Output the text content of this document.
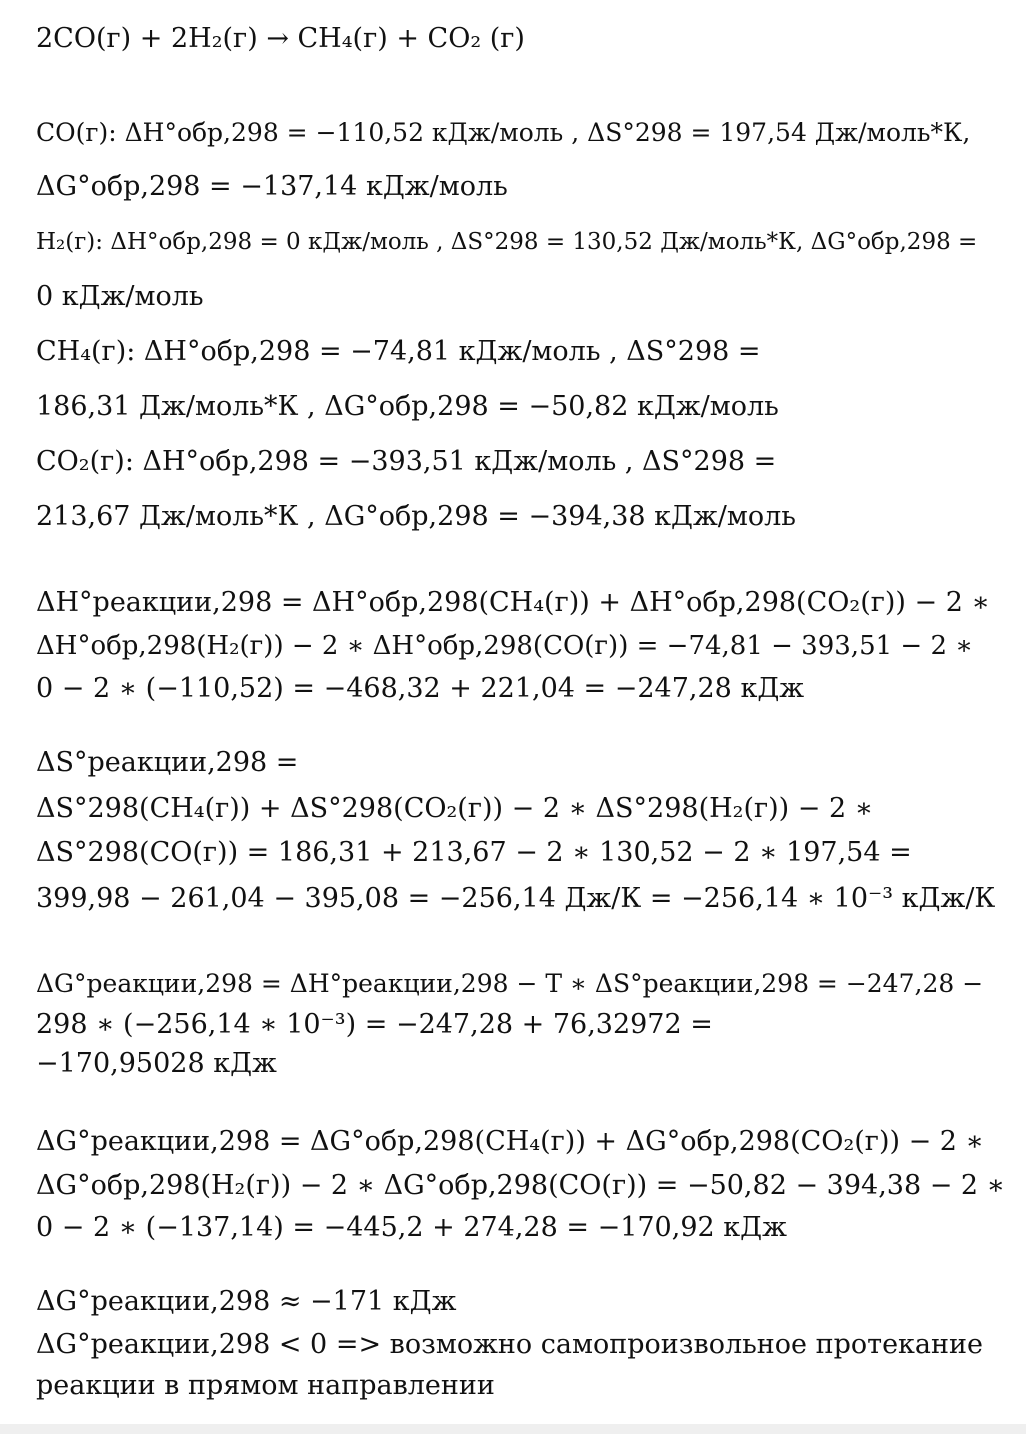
2CO(г) + 2H₂(г) → CH₄(г) + CO₂ (г)
CO(г): ΔH°обр,298 = −110,52 кДж/моль , ΔS°298 = 197,54 Дж/моль*К,
ΔG°обр,298 = −137,14 кДж/моль
H₂(г): ΔH°обр,298 = 0 кДж/моль , ΔS°298 = 130,52 Дж/моль*К, ΔG°обр,298 =
0 кДж/моль
CH₄(г): ΔH°обр,298 = −74,81 кДж/моль , ΔS°298 =
186,31 Дж/моль*К , ΔG°обр,298 = −50,82 кДж/моль
CO₂(г): ΔH°обр,298 = −393,51 кДж/моль , ΔS°298 =
213,67 Дж/моль*К , ΔG°обр,298 = −394,38 кДж/моль
ΔH°реакции,298 = ΔH°обр,298(CH₄(г)) + ΔH°обр,298(CO₂(г)) − 2 ∗
ΔH°обр,298(H₂(г)) − 2 ∗ ΔH°обр,298(CO(г)) = −74,81 − 393,51 − 2 ∗
0 − 2 ∗ (−110,52) = −468,32 + 221,04 = −247,28 кДж
ΔS°реакции,298 =
ΔS°298(CH₄(г)) + ΔS°298(CO₂(г)) − 2 ∗ ΔS°298(H₂(г)) − 2 ∗
ΔS°298(CO(г)) = 186,31 + 213,67 − 2 ∗ 130,52 − 2 ∗ 197,54 =
399,98 − 261,04 − 395,08 = −256,14 Дж/К = −256,14 ∗ 10⁻³ кДж/К
ΔG°реакции,298 = ΔH°реакции,298 − T ∗ ΔS°реакции,298 = −247,28 −
298 ∗ (−256,14 ∗ 10⁻³) = −247,28 + 76,32972 =
−170,95028 кДж
ΔG°реакции,298 = ΔG°обр,298(CH₄(г)) + ΔG°обр,298(CO₂(г)) − 2 ∗
ΔG°обр,298(H₂(г)) − 2 ∗ ΔG°обр,298(CO(г)) = −50,82 − 394,38 − 2 ∗
0 − 2 ∗ (−137,14) = −445,2 + 274,28 = −170,92 кДж
ΔG°реакции,298 ≈ −171 кДж
ΔG°реакции,298 < 0 => возможно самопроизвольное протекание
реакции в прямом направлении
